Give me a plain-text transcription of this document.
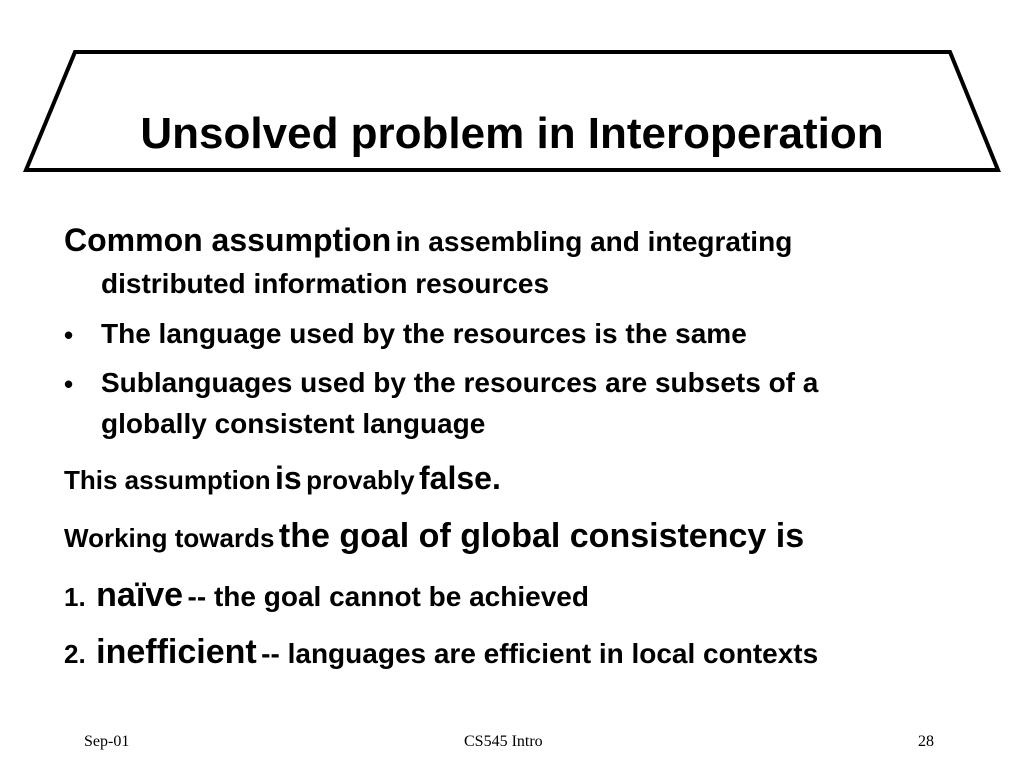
Unsolved problem in Interoperation
Common assumption in assembling and integrating
distributed information resources
• The language used by the resources is the same
• Sublanguages used by the resources are subsets of a
globally consistent language
This assumption is provably false.
Working towards the goal of global consistency is
1. naïve -- the goal cannot be achieved
2. inefficient -- languages are efficient in local contexts
Sep-01	CS545 Intro	28
